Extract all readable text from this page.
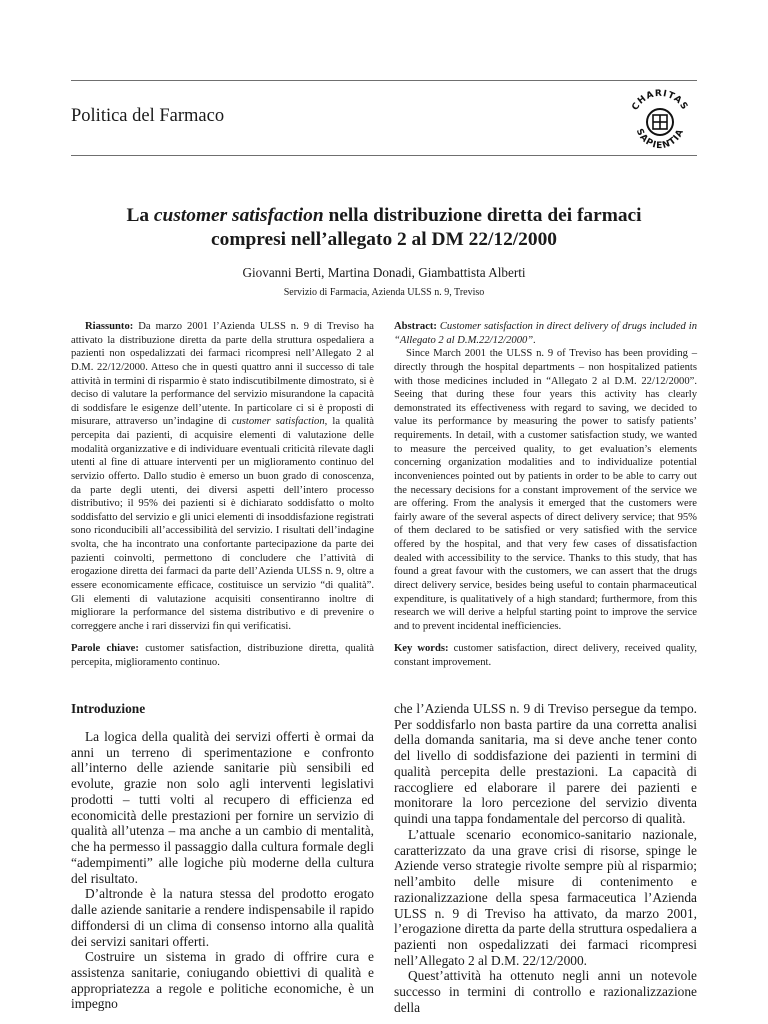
Politica del Farmaco	CHARITAS
SAPIENTIA
La customer satisfaction nella distribuzione diretta dei farmaci
compresi nell’allegato 2 al DM 22/12/2000
Giovanni Berti, Martina Donadi, Giambattista Alberti
Servizio di Farmacia, Azienda ULSS n. 9, Treviso

Riassunto: Da marzo 2001 l’Azienda ULSS n. 9 di Treviso ha attivato la distribuzione diretta da parte della struttura ospedaliera a pazienti non ospedalizzati dei farmaci ricompresi nell’Allegato 2 al D.M. 22/12/2000. Atteso che in questi quattro anni il successo di tale attività in termini di risparmio è stato indiscutibilmente dimostrato, si è deciso di valutare la performance del servizio misurandone la capacità di soddisfare le esigenze dell’utente. In particolare ci si è proposti di misurare, attraverso un’indagine di customer satisfaction, la qualità percepita dai pazienti, di acquisire elementi di valutazione delle modalità organizzative e di individuare eventuali criticità rilevate dagli utenti al fine di attuare interventi per un miglioramento continuo del servizio offerto. Dallo studio è emerso un buon grado di conoscenza, da parte degli utenti, dei diversi aspetti dell’intero processo distributivo; il 95% dei pazienti si è dichiarato soddisfatto o molto soddisfatto del servizio e gli unici elementi di insoddisfazione registrati sono riconducibili all’accessibilità del servizio. I risultati dell’indagine svolta, che ha incontrato una confortante partecipazione da parte dei pazienti coinvolti, permettono di concludere che l’attività di erogazione diretta dei farmaci da parte dell’Azienda ULSS n. 9, oltre a essere economicamente efficace, costituisce un servizio “di qualità”. Gli elementi di valutazione acquisiti consentiranno inoltre di migliorare la performance del sistema distributivo e di prevenire o correggere anche i rari disservizi fin qui verificatisi.

Parole chiave: customer satisfaction, distribuzione diretta, qualità percepita, miglioramento continuo.

Abstract: Customer satisfaction in direct delivery of drugs included in “Allegato 2 al D.M.22/12/2000”.

Since March 2001 the ULSS n. 9 of Treviso has been providing – directly through the hospital departments – non hospitalized patients with those medicines included in “Allegato 2 al D.M. 22/12/2000”. Seeing that during these four years this activity has clearly demonstrated its effectiveness with regard to saving, we decided to value its performance by measuring the power to satisfy patients’ requirements. In detail, with a customer satisfaction study, we wanted to measure the perceived quality, to get evaluation’s elements concerning organization modalities and to individualize potential inconveniences pointed out by patients in order to be able to carry out the necessary decisions for a constant improvement of the service we are offering. From the analysis it emerged that the customers were fairly aware of the several aspects of direct delivery service; that 95% of them declared to be satisfied or very satisfied with the service offered by the hospital, and that very few cases of dissatisfaction dealed with accessibility to the service. Thanks to this study, that has found a great favour with the customers, we can assert that the drugs direct delivery service, besides being useful to contain pharmaceutical expenditure, is qualitatively of a high standard; furthermore, from this research we will derive a helpful starting point to improve the service and to prevent incidental inefficiencies.

Key words: customer satisfaction, direct delivery, received quality, constant improvement.

Introduzione

La logica della qualità dei servizi offerti è ormai da anni un terreno di sperimentazione e confronto all’interno delle aziende sanitarie più sensibili ed evolute, grazie non solo agli interventi legislativi prodotti – tutti volti al recupero di efficienza ed economicità delle prestazioni per fornire un servizio di qualità all’utenza – ma anche a un cambio di mentalità, che ha permesso il passaggio dalla cultura formale degli “adempimenti” alle logiche più moderne della cultura del risultato.

D’altronde è la natura stessa del prodotto erogato dalle aziende sanitarie a rendere indispensabile il rapido diffondersi di un clima di consenso intorno alla qualità dei servizi sanitari offerti.

Costruire un sistema in grado di offrire cura e assistenza sanitarie, coniugando obiettivi di qualità e appropriatezza a regole e politiche economiche, è un impegno

che l’Azienda ULSS n. 9 di Treviso persegue da tempo. Per soddisfarlo non basta partire da una corretta analisi della domanda sanitaria, ma si deve anche tener conto del livello di soddisfazione dei pazienti in termini di qualità percepita delle prestazioni. La capacità di raccogliere ed elaborare il parere dei pazienti e monitorare la loro percezione del servizio diventa quindi una tappa fondamentale del percorso di qualità.

L’attuale scenario economico-sanitario nazionale, caratterizzato da una grave crisi di risorse, spinge le Aziende verso strategie rivolte sempre più al risparmio; nell’ambito delle misure di contenimento e razionalizzazione della spesa farmaceutica l’Azienda ULSS n. 9 di Treviso ha attivato, da marzo 2001, l’erogazione diretta da parte della struttura ospedaliera a pazienti non ospedalizzati dei farmaci ricompresi nell’Allegato 2 al D.M. 22/12/2000.

Quest’attività ha ottenuto negli anni un notevole successo in termini di controllo e razionalizzazione della
